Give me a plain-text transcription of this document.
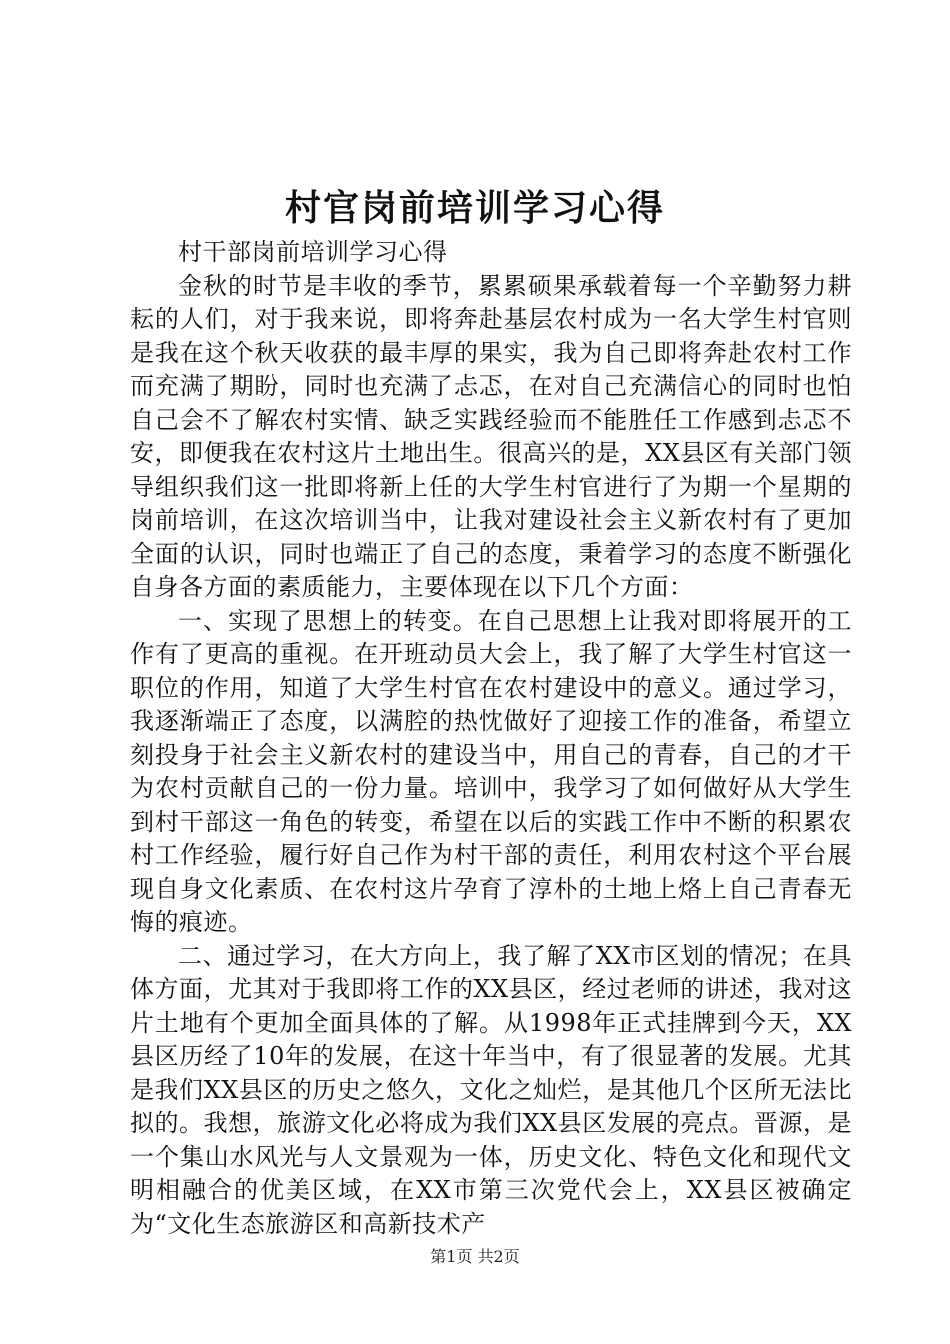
村官岗前培训学习心得

村干部岗前培训学习心得

金秋的时节是丰收的季节，累累硕果承载着每一个辛勤努力耕耘的人们，对于我来说，即将奔赴基层农村成为一名大学生村官则是我在这个秋天收获的最丰厚的果实，我为自己即将奔赴农村工作而充满了期盼，同时也充满了忐忑，在对自己充满信心的同时也怕自己会不了解农村实情、缺乏实践经验而不能胜任工作感到忐忑不安，即便我在农村这片土地出生。很高兴的是，XX县区有关部门领导组织我们这一批即将新上任的大学生村官进行了为期一个星期的岗前培训，在这次培训当中，让我对建设社会主义新农村有了更加全面的认识，同时也端正了自己的态度，秉着学习的态度不断强化自身各方面的素质能力，主要体现在以下几个方面：

一、实现了思想上的转变。在自己思想上让我对即将展开的工作有了更高的重视。在开班动员大会上，我了解了大学生村官这一职位的作用，知道了大学生村官在农村建设中的意义。通过学习，我逐渐端正了态度，以满腔的热忱做好了迎接工作的准备，希望立刻投身于社会主义新农村的建设当中，用自己的青春，自己的才干为农村贡献自己的一份力量。培训中，我学习了如何做好从大学生到村干部这一角色的转变，希望在以后的实践工作中不断的积累农村工作经验，履行好自己作为村干部的责任，利用农村这个平台展现自身文化素质、在农村这片孕育了淳朴的土地上烙上自己青春无悔的痕迹。

二、通过学习，在大方向上，我了解了XX市区划的情况；在具体方面，尤其对于我即将工作的XX县区，经过老师的讲述，我对这片土地有个更加全面具体的了解。从1998年正式挂牌到今天，XX县区历经了10年的发展，在这十年当中，有了很显著的发展。尤其是我们XX县区的历史之悠久，文化之灿烂，是其他几个区所无法比拟的。我想，旅游文化必将成为我们XX县区发展的亮点。晋源，是一个集山水风光与人文景观为一体，历史文化、特色文化和现代文明相融合的优美区域，在XX市第三次党代会上，XX县区被确定为“文化生态旅游区和高新技术产

第1页 共2页
